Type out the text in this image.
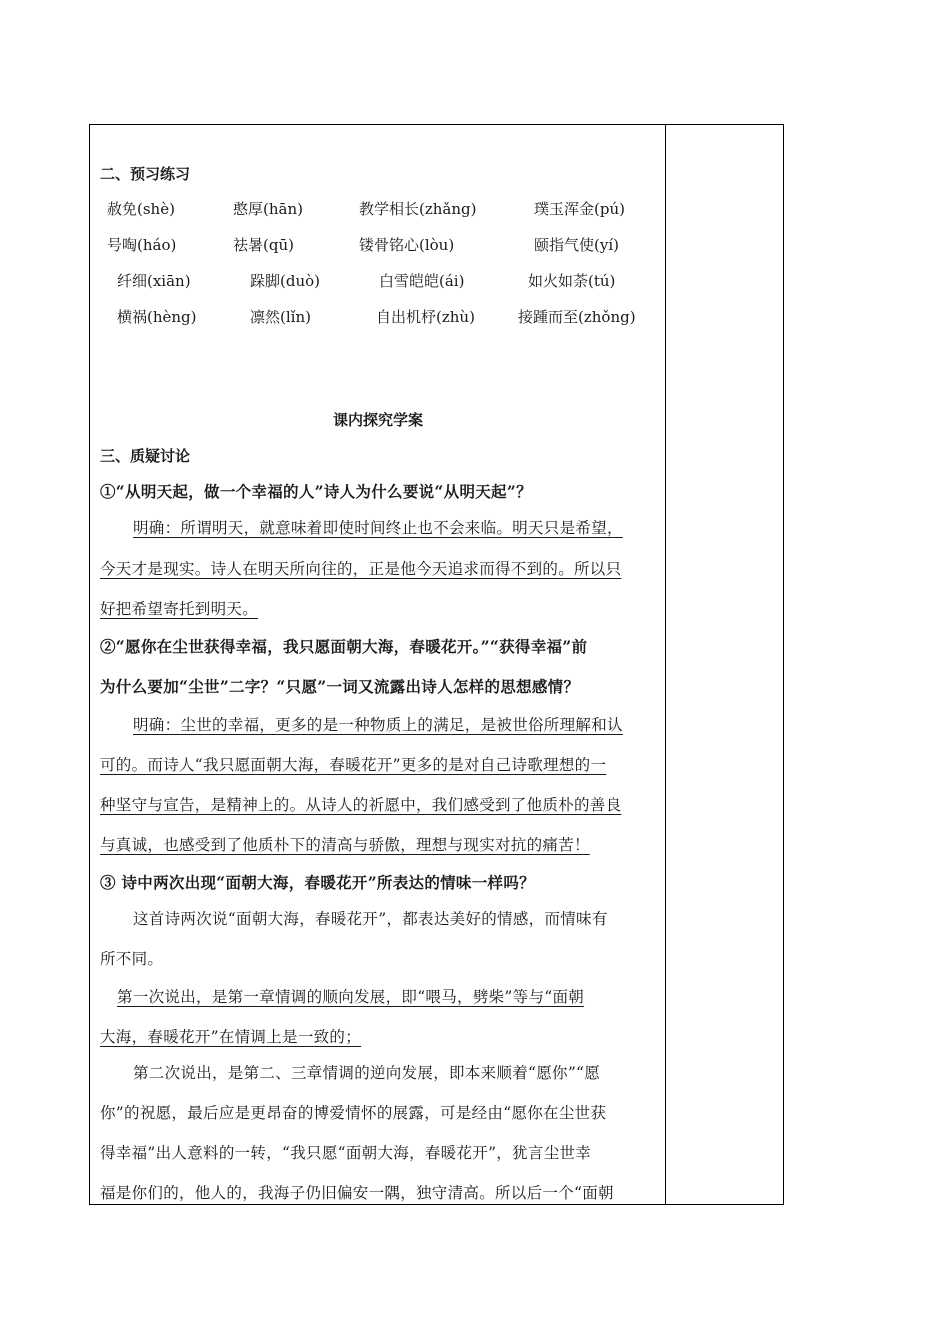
二、预习练习
赦免(shè)	憨厚(hān)	教学相长(zhǎng)	璞玉浑金(pú)
号啕(háo)	祛暑(qū)	镂骨铭心(lòu)	颐指气使(yí)
纤细(xiān)	跺脚(duò)	白雪皑皑(ái)	如火如荼(tú)
横祸(hèng)	凛然(lǐn)	自出机杼(zhù)	接踵而至(zhǒng)
课内探究学案
三、质疑讨论
①“从明天起，做一个幸福的人”诗人为什么要说“从明天起”？
明确：所谓明天，就意味着即使时间终止也不会来临。明天只是希望，
今天才是现实。诗人在明天所向往的，正是他今天追求而得不到的。所以只
好把希望寄托到明天。
②“愿你在尘世获得幸福，我只愿面朝大海，春暖花开。”“获得幸福”前
为什么要加“尘世”二字？“只愿”一词又流露出诗人怎样的思想感情？
明确：尘世的幸福，更多的是一种物质上的满足，是被世俗所理解和认
可的。而诗人“我只愿面朝大海，春暖花开”更多的是对自己诗歌理想的一
种坚守与宣告，是精神上的。从诗人的祈愿中，我们感受到了他质朴的善良
与真诚，也感受到了他质朴下的清高与骄傲，理想与现实对抗的痛苦！
③ 诗中两次出现“面朝大海，春暖花开”所表达的情味一样吗？
这首诗两次说“面朝大海，春暖花开”，都表达美好的情感，而情味有
所不同。
第一次说出，是第一章情调的顺向发展，即“喂马，劈柴”等与“面朝
大海，春暖花开”在情调上是一致的；
第二次说出，是第二、三章情调的逆向发展，即本来顺着“愿你”“愿
你”的祝愿，最后应是更昂奋的博爱情怀的展露，可是经由“愿你在尘世获
得幸福”出人意料的一转，“我只愿“面朝大海，春暖花开”，犹言尘世幸
福是你们的，他人的，我海子仍旧偏安一隅，独守清高。所以后一个“面朝
